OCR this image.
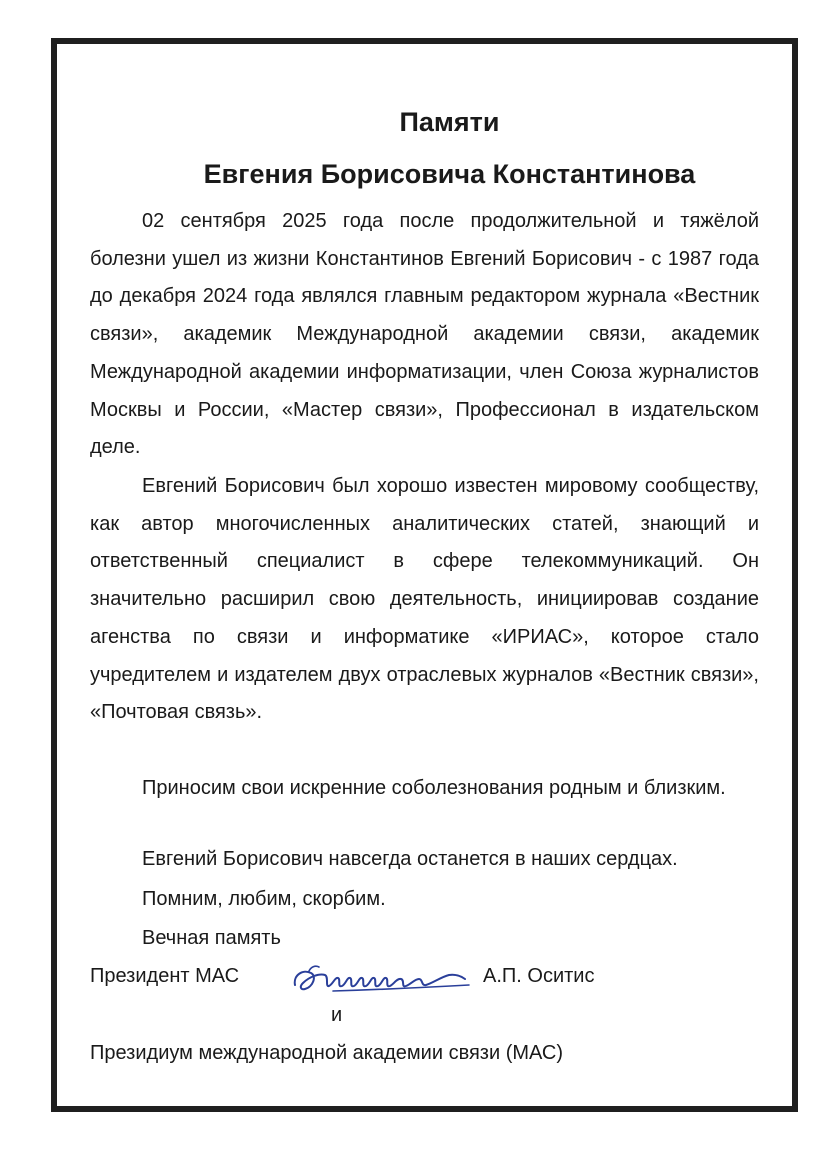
Памяти
Евгения Борисовича Константинова

02 сентября 2025 года после продолжительной и тяжёлой болезни ушел из жизни Константинов Евгений Борисович - с 1987 года до декабря 2024 года являлся главным редактором журнала «Вестник связи», академик Международной академии связи, академик Международной академии информатизации, член Союза журналистов Москвы и России, «Мастер связи», Профессионал в издательском деле.

Евгений Борисович был хорошо известен мировому сообществу, как автор многочисленных аналитических статей, знающий и ответственный специалист в сфере телекоммуникаций. Он значительно расширил свою деятельность, инициировав создание агенства по связи и информатике «ИРИАС», которое стало учредителем и издателем двух отраслевых журналов «Вестник связи», «Почтовая связь».

Приносим свои искренние соболезнования родным и близким.

Евгений Борисович навсегда останется в наших сердцах.

Помним, любим, скорбим.

Вечная память

Президент МАС	А.П. Оситис
и
Президиум международной академии связи (МАС)
